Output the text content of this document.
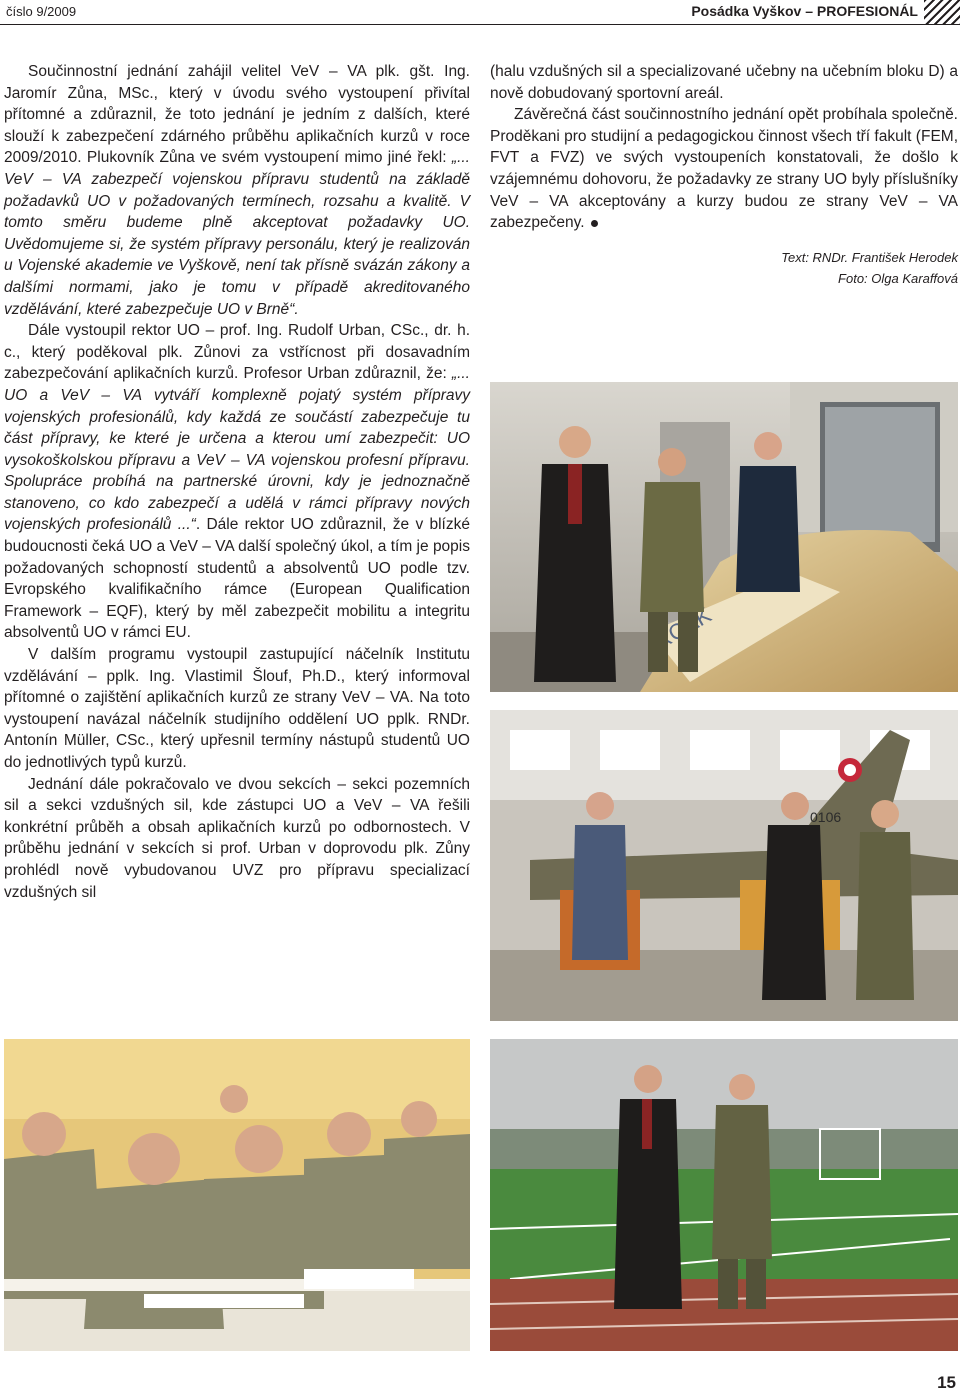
číslo 9/2009	Posádka Vyškov – PROFESIONÁL

Součinnostní jednání zahájil velitel VeV – VA plk. gšt. Ing. Jaromír Zůna, MSc., který v úvodu svého vystoupení přivítal přítomné a zdůraznil, že toto jednání je jedním z dalších, které slouží k zabezpečení zdárného průběhu aplikačních kurzů v roce 2009/2010. Plukovník Zůna ve svém vystoupení mimo jiné řekl: „... VeV – VA zabezpečí vojenskou přípravu studentů na základě požadavků UO v požadovaných termínech, rozsahu a kvalitě. V tomto směru budeme plně akceptovat požadavky UO. Uvědomujeme si, že systém přípravy personálu, který je realizován u Vojenské akademie ve Vyškově, není tak přísně svázán zákony a dalšími normami, jako je tomu v případě akreditovaného vzdělávání, které zabezpečuje UO v Brně“.

Dále vystoupil rektor UO – prof. Ing. Rudolf Urban, CSc., dr. h. c., který poděkoval plk. Zůnovi za vstřícnost při dosavadním zabezpečování aplikačních kurzů. Profesor Urban zdůraznil, že: „... UO a VeV – VA vytváří komplexně pojatý systém přípravy vojenských profesionálů, kdy každá ze součástí zabezpečuje tu část přípravy, ke které je určena a kterou umí zabezpečit: UO vysokoškolskou přípravu a VeV – VA vojenskou profesní přípravu. Spolupráce probíhá na partnerské úrovni, kdy je jednoznačně stanoveno, co kdo zabezpečí a udělá v rámci přípravy nových vojenských profesionálů ...“. Dále rektor UO zdůraznil, že v blízké budoucnosti čeká UO a VeV – VA další společný úkol, a tím je popis požadovaných schopností studentů a absolventů UO podle tzv. Evropského kvalifikačního rámce (European Qualification Framework – EQF), který by měl zabezpečit mobilitu a integritu absolventů UO v rámci EU.

V dalším programu vystoupil zastupující náčelník Institutu vzdělávání – pplk. Ing. Vlastimil Šlouf, Ph.D., který informoval přítomné o zajištění aplikačních kurzů ze strany VeV – VA. Na toto vystoupení navázal náčelník studijního oddělení UO pplk. RNDr. Antonín Müller, CSc., který upřesnil termíny nástupů studentů UO do jednotlivých typů kurzů.

Jednání dále pokračovalo ve dvou sekcích – sekci pozemních sil a sekci vzdušných sil, kde zástupci UO a VeV – VA řešili konkrétní průběh a obsah aplikačních kurzů po odbornostech. V průběhu jednání v sekcích si prof. Urban v doprovodu plk. Zůny prohlédl nově vybudovanou UVZ pro přípravu specializací vzdušných sil

(halu vzdušných sil a specializované učebny na učebním bloku D) a nově dobudovaný sportovní areál.

Závěrečná část součinnostního jednání opět probíhala společně. Proděkani pro studijní a pedagogickou činnost všech tří fakult (FEM, FVT a FVZ) ve svých vystoupeních konstatovali, že došlo k vzájemnému dohovoru, že požadavky ze strany UO byly příslušníky VeV – VA akceptovány a kurzy budou ze strany VeV – VA zabezpečeny.

Text: RNDr. František Herodek

Foto: Olga Karaffová

0106
15
